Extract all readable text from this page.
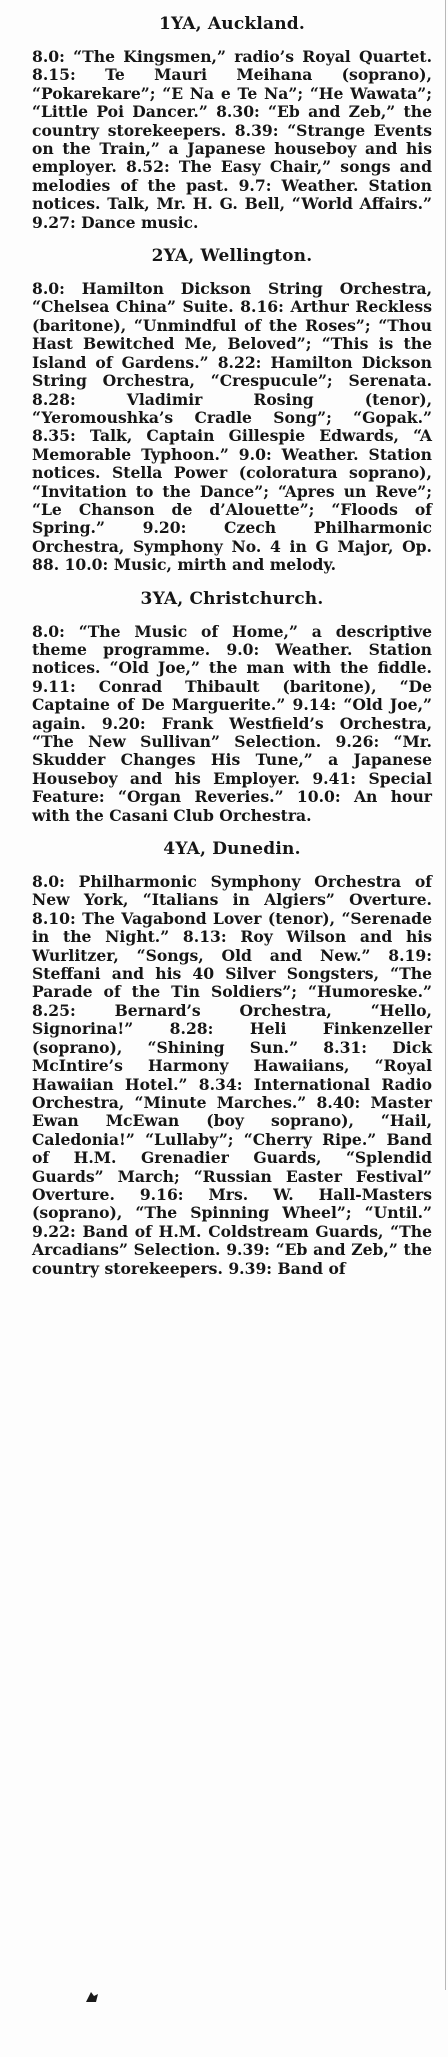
1YA, Auckland.

8.0: “The Kingsmen,” radio’s Royal Quartet. 8.15: Te Mauri Meihana (soprano), “Pokarekare”; “E Na e Te Na”; “He Wawata”; “Little Poi Dancer.” 8.30: “Eb and Zeb,” the country storekeepers. 8.39: “Strange Events on the Train,” a Japanese houseboy and his employer. 8.52: The Easy Chair,” songs and melodies of the past. 9.7: Weather. Station notices. Talk, Mr. H. G. Bell, “World Affairs.” 9.27: Dance music.

2YA, Wellington.

8.0: Hamilton Dickson String Orchestra, “Chelsea China” Suite. 8.16: Arthur Reckless (baritone), “Unmindful of the Roses”; “Thou Hast Bewitched Me, Beloved”; “This is the Island of Gardens.” 8.22: Hamilton Dickson String Orchestra, “Crespucule”; Serenata. 8.28: Vladimir Rosing (tenor), “Yeromoushka’s Cradle Song”; “Gopak.” 8.35: Talk, Captain Gillespie Edwards, “A Memorable Typhoon.” 9.0: Weather. Station notices. Stella Power (coloratura soprano), “Invitation to the Dance”; “Apres un Reve”; “Le Chanson de d’Alouette”; “Floods of Spring.” 9.20: Czech Philharmonic Orchestra, Symphony No. 4 in G Major, Op. 88. 10.0: Music, mirth and melody.

3YA, Christchurch.

8.0: “The Music of Home,” a descriptive theme programme. 9.0: Weather. Station notices. “Old Joe,” the man with the fiddle. 9.11: Conrad Thibault (baritone), “De Captaine of De Marguerite.” 9.14: “Old Joe,” again. 9.20: Frank Westfield’s Orchestra, “The New Sullivan” Selection. 9.26: “Mr. Skudder Changes His Tune,” a Japanese Houseboy and his Employer. 9.41: Special Feature: “Organ Reveries.” 10.0: An hour with the Casani Club Orchestra.

4YA, Dunedin.

8.0: Philharmonic Symphony Orchestra of New York, “Italians in Algiers” Overture. 8.10: The Vagabond Lover (tenor), “Serenade in the Night.” 8.13: Roy Wilson and his Wurlitzer, “Songs, Old and New.” 8.19: Steffani and his 40 Silver Songsters, “The Parade of the Tin Soldiers”; “Humoreske.” 8.25: Bernard’s Orchestra, “Hello, Signorina!” 8.28: Heli Finkenzeller (soprano), “Shining Sun.” 8.31: Dick McIntire’s Harmony Hawaiians, “Royal Hawaiian Hotel.” 8.34: International Radio Orchestra, “Minute Marches.” 8.40: Master Ewan McEwan (boy soprano), “Hail, Caledonia!” “Lullaby”; “Cherry Ripe.” Band of H.M. Grenadier Guards, “Splendid Guards” March; “Russian Easter Festival” Overture. 9.16: Mrs. W. Hall-Masters (soprano), “The Spinning Wheel”; “Until.” 9.22: Band of H.M. Coldstream Guards, “The Arcadians” Selection. 9.39: “Eb and Zeb,” the country storekeepers. 9.39: Band of
